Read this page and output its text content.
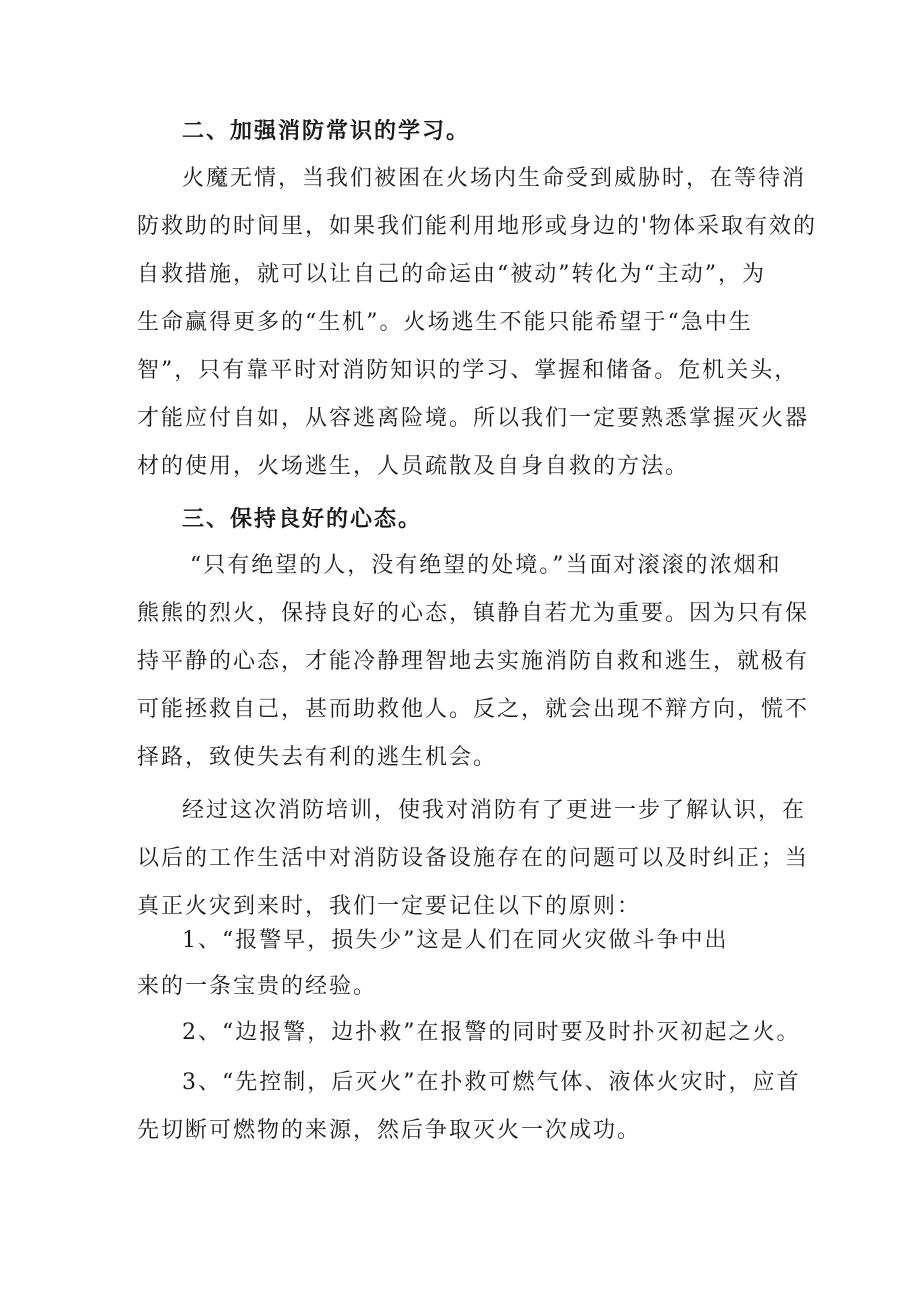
二、加强消防常识的学习。
火魔无情，当我们被困在火场内生命受到威胁时，在等待消
防救助的时间里，如果我们能利用地形或身边的'物体采取有效的
自救措施，就可以让自己的命运由“被动”转化为“主动”，为
生命赢得更多的“生机”。火场逃生不能只能希望于“急中生
智”，只有靠平时对消防知识的学习、掌握和储备。危机关头，
才能应付自如，从容逃离险境。所以我们一定要熟悉掌握灭火器
材的使用，火场逃生，人员疏散及自身自救的方法。
三、保持良好的心态。
“只有绝望的人，没有绝望的处境。”当面对滚滚的浓烟和
熊熊的烈火，保持良好的心态，镇静自若尤为重要。因为只有保
持平静的心态，才能冷静理智地去实施消防自救和逃生，就极有
可能拯救自己，甚而助救他人。反之，就会出现不辩方向，慌不
择路，致使失去有利的逃生机会。
经过这次消防培训，使我对消防有了更进一步了解认识，在
以后的工作生活中对消防设备设施存在的问题可以及时纠正；当
真正火灾到来时，我们一定要记住以下的原则：
1、“报警早，损失少”这是人们在同火灾做斗争中出
来的一条宝贵的经验。
2、“边报警，边扑救”在报警的同时要及时扑灭初起之火。
3、“先控制，后灭火”在扑救可燃气体、液体火灾时，应首
先切断可燃物的来源，然后争取灭火一次成功。
